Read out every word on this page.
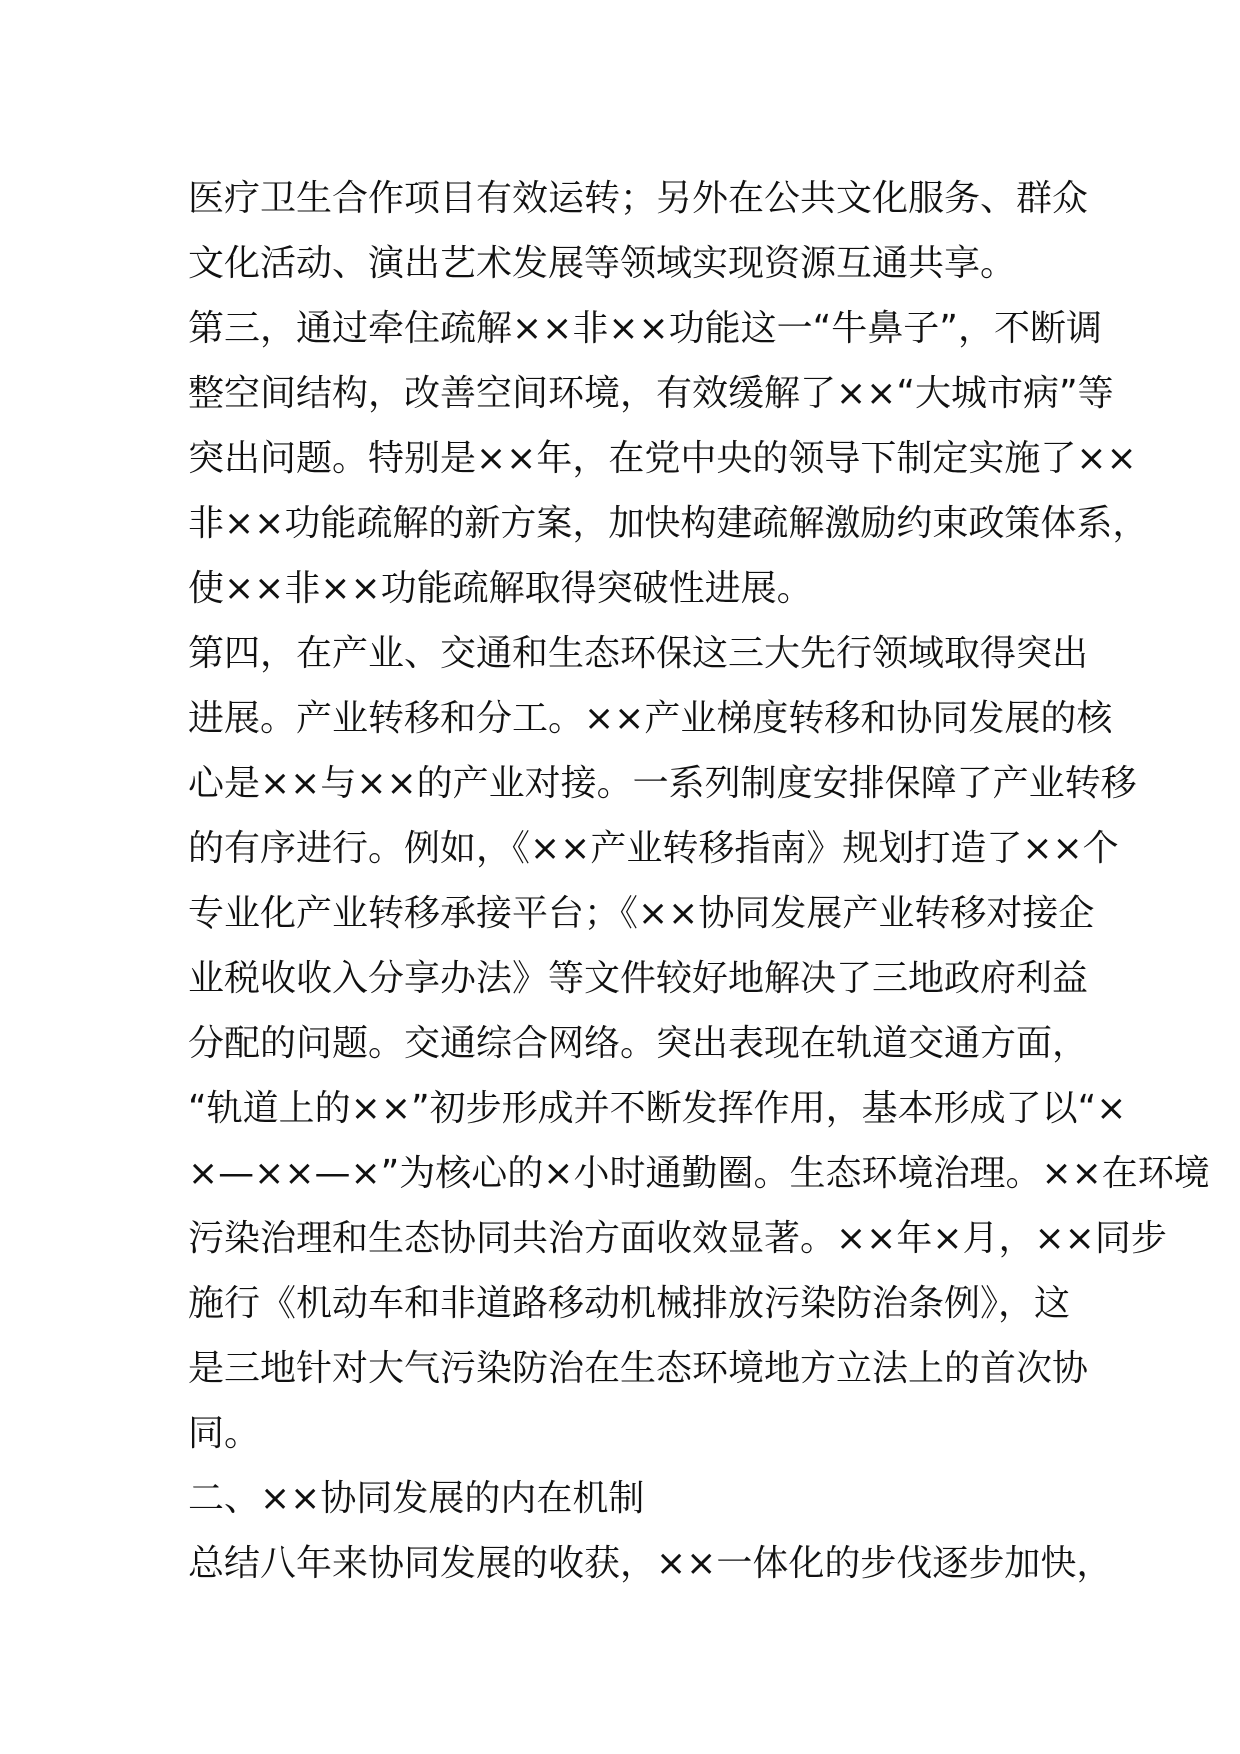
医疗卫生合作项目有效运转；另外在公共文化服务、群众
文化活动、演出艺术发展等领域实现资源互通共享。
第三，通过牵住疏解××非××功能这一“牛鼻子”，不断调
整空间结构，改善空间环境，有效缓解了××“大城市病”等
突出问题。特别是××年，在党中央的领导下制定实施了××
非××功能疏解的新方案，加快构建疏解激励约束政策体系，
使××非××功能疏解取得突破性进展。
第四，在产业、交通和生态环保这三大先行领域取得突出
进展。产业转移和分工。××产业梯度转移和协同发展的核
心是××与××的产业对接。一系列制度安排保障了产业转移
的有序进行。例如，《××产业转移指南》规划打造了××个
专业化产业转移承接平台；《××协同发展产业转移对接企
业税收收入分享办法》等文件较好地解决了三地政府利益
分配的问题。交通综合网络。突出表现在轨道交通方面，
“轨道上的××”初步形成并不断发挥作用，基本形成了以“×
×—××—×”为核心的×小时通勤圈。生态环境治理。××在环境
污染治理和生态协同共治方面收效显著。××年×月，××同步
施行《机动车和非道路移动机械排放污染防治条例》，这
是三地针对大气污染防治在生态环境地方立法上的首次协
同。
二、××协同发展的内在机制
总结八年来协同发展的收获，××一体化的步伐逐步加快，
